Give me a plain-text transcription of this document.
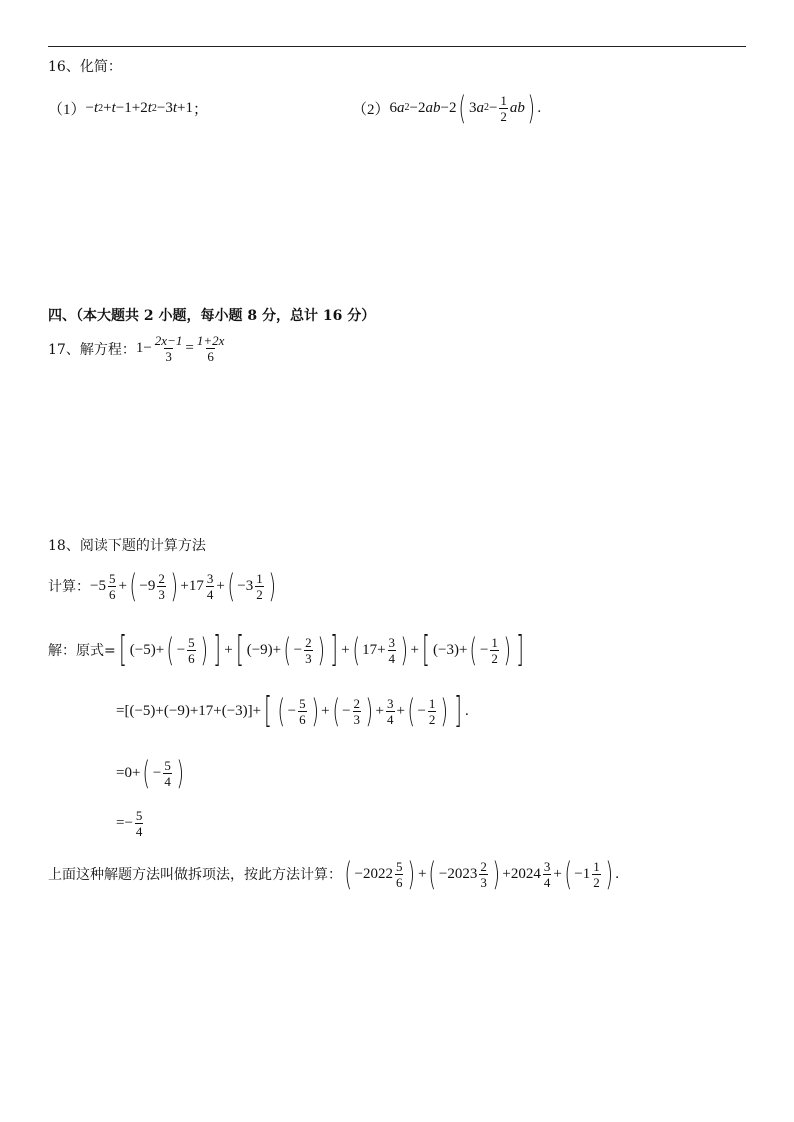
16、化简：
（1） − t 2 + t −1+2 t 2 −3 t +1 ；	（2） 6 a 2 −2 ab −2 ( 3 a $2 - \frac{1}{2}$ ab ) .
四、（本大题共 2 小题，每小题 8 分，总计 16 分）
17、解方程： $1- \frac{2x-1}{3} = \frac{1+2x}{6}$
18、阅读下题的计算方法
计算： $-5 \frac{5}{6}$ + ( $-9 \frac{2}{3}$ ) + $17 \frac{3}{4}$ + ( $-3 \frac{1}{2}$ )
解：原式= [ (−5)+ ( − $\frac{5}{6}$ ) ] + [ (−9)+ ( − $\frac{2}{3}$ ) ] + ( $17+ \frac{3}{4}$ ) + [ (−3)+ ( − $\frac{1}{2}$ ) ]
=[(−5)+(−9)+17+(−3)]+ [ ( − $\frac{5}{6}$ ) + ( − $\frac{2}{3}$ ) + $\frac{3}{4}$ + ( − $\frac{1}{2}$ ) ] .
=0+ ( − $\frac{5}{4}$ )
=− $\frac{5}{4}$
上面这种解题方法叫做拆项法，按此方法计算： ( $-2022 \frac{5}{6}$ ) + ( $-2023 \frac{2}{3}$ ) + $2024 \frac{3}{4}$ + ( $-1 \frac{1}{2}$ ) .
